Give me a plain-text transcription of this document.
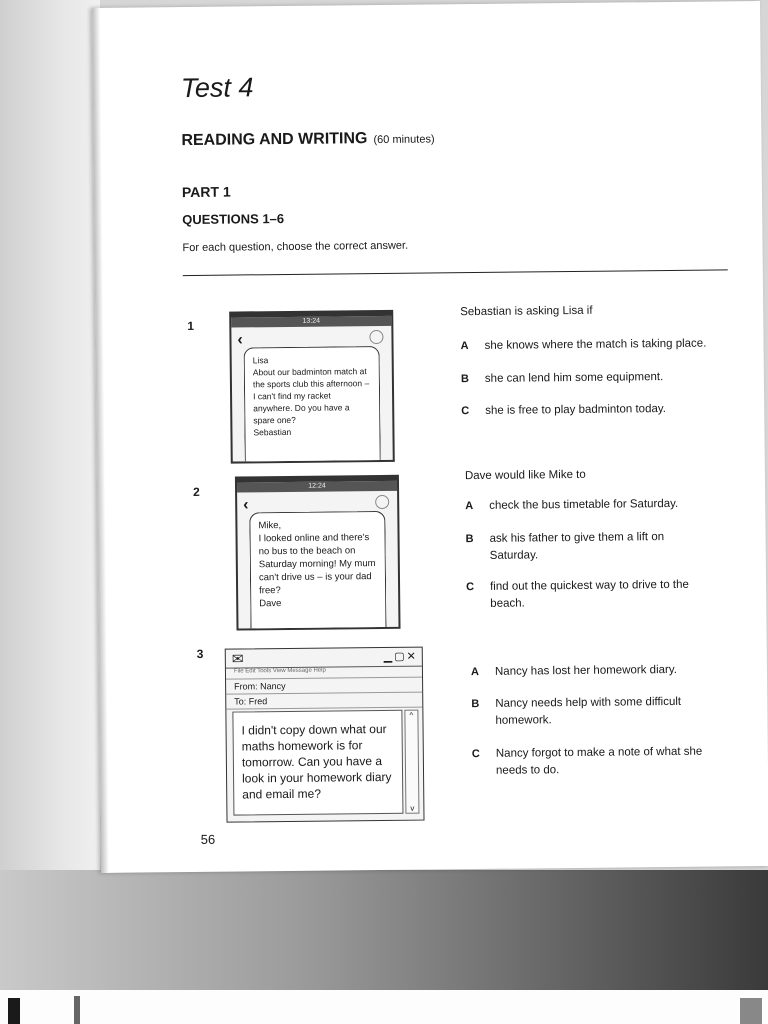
Test 4
READING AND WRITING (60 minutes)
PART 1
QUESTIONS 1–6
For each question, choose the correct answer.
1	13:24
‹
Lisa
About our badminton match at the sports club this afternoon – I can't find my racket anywhere. Do you have a spare one?
Sebastian
Sebastian is asking Lisa if
A she knows where the match is taking place.
B she can lend him some equipment.
C she is free to play badminton today.
2	12:24
‹
Mike,
I looked online and there's no bus to the beach on Saturday morning! My mum can't drive us – is your dad free?
Dave
Dave would like Mike to
A check the bus timetable for Saturday.
B ask his father to give them a lift on Saturday.
C find out the quickest way to drive to the beach.
3 ✉	▁▢✕
File Edit Tools View Message Help
From: Nancy
To: Fred
I didn't copy down what our maths homework is for tomorrow. Can you have a look in your homework diary and email me?
^
v
A Nancy has lost her homework diary.
B Nancy needs help with some difficult homework.
C Nancy forgot to make a note of what she needs to do.
56
